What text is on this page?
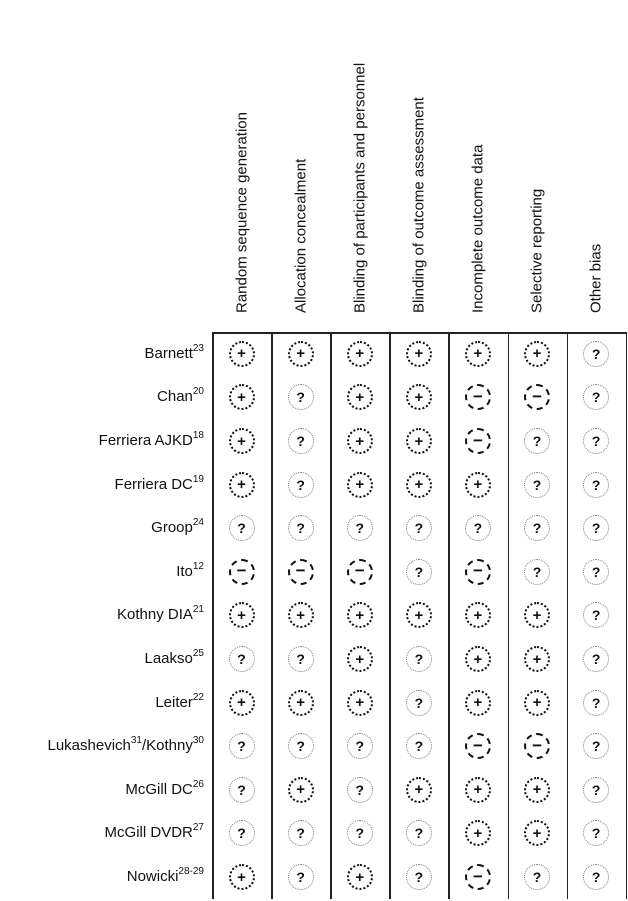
Random sequence generation	Allocation concealment	Blinding of participants and personnel	Blinding of outcome assessment	Incomplete outcome data	Selective reporting	Other bias
Barnett$^{23}$ +	+	+	+	+	+	?
Chan$^{20}$ +	?	+	+	−	−	?
Ferriera $AJKD^{18}$ +	?	+	+	−	?	?
Ferriera $DC^{19}$ +	?	+	+	+	?	?
Groop$^{24}$ ?	?	?	?	?	?	?
Ito$^{12}$ −	−	−	?	−	?	?
Kothny $DIA^{21}$ +	+	+	+	+	+	?
Laakso$^{25}$ ?	?	+	?	+	+	?
Leiter$^{22}$ +	+	+	?	+	+	?
Lukashevich$^{31}$/Kothny$^{30}$ ?	?	?	?	−	−	?
McGill DC$^{26}$ ?	+	?	+	+	+	?
McGill DVDR$^{27}$ ?	?	?	?	+	+	?
Nowicki$^{28-29}$ +	?	+	?	−	?	?
